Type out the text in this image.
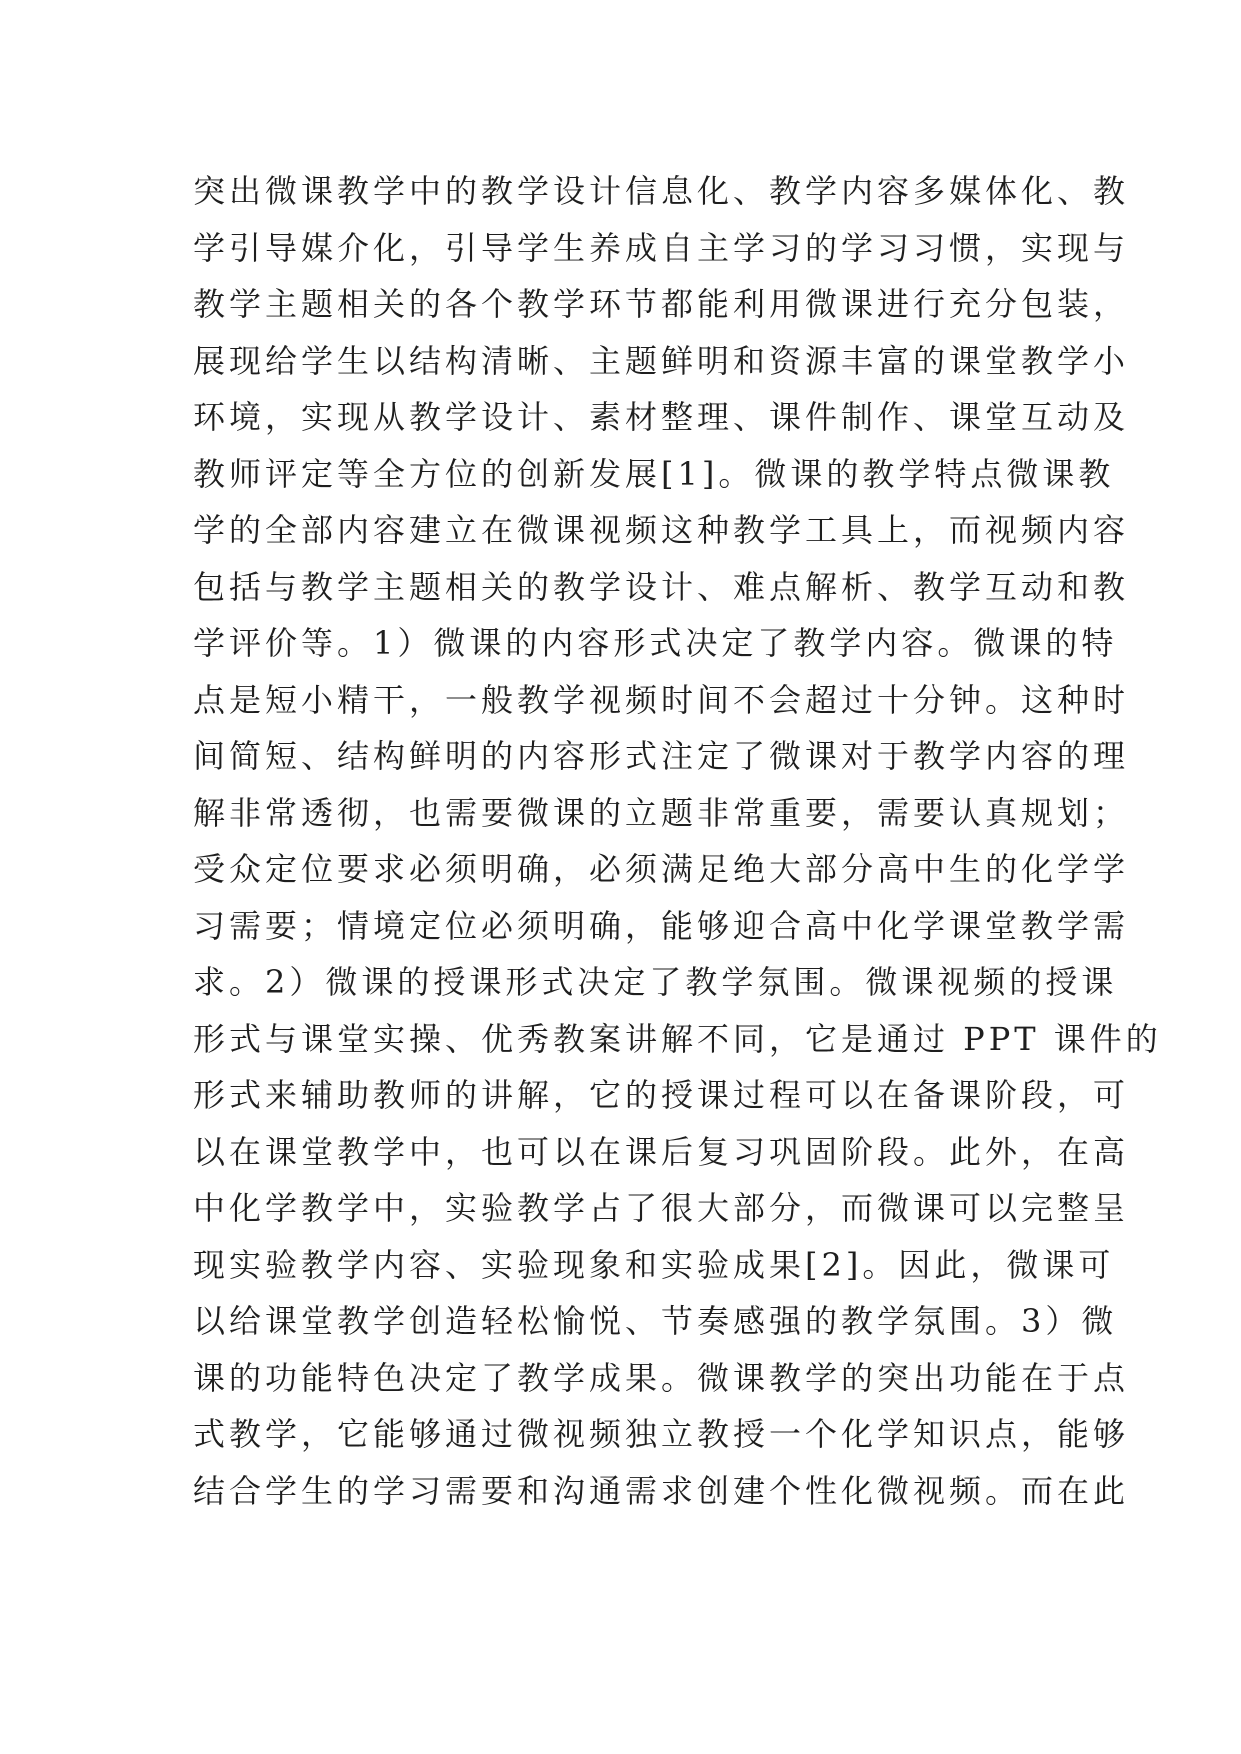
突出微课教学中的教学设计信息化、教学内容多媒体化、教
学引导媒介化，引导学生养成自主学习的学习习惯，实现与
教学主题相关的各个教学环节都能利用微课进行充分包装，
展现给学生以结构清晰、主题鲜明和资源丰富的课堂教学小
环境，实现从教学设计、素材整理、课件制作、课堂互动及
教师评定等全方位的创新发展[1]。微课的教学特点微课教
学的全部内容建立在微课视频这种教学工具上，而视频内容
包括与教学主题相关的教学设计、难点解析、教学互动和教
学评价等。1）微课的内容形式决定了教学内容。微课的特
点是短小精干，一般教学视频时间不会超过十分钟。这种时
间简短、结构鲜明的内容形式注定了微课对于教学内容的理
解非常透彻，也需要微课的立题非常重要，需要认真规划；
受众定位要求必须明确，必须满足绝大部分高中生的化学学
习需要；情境定位必须明确，能够迎合高中化学课堂教学需
求。2）微课的授课形式决定了教学氛围。微课视频的授课
形式与课堂实操、优秀教案讲解不同，它是通过 PPT 课件的
形式来辅助教师的讲解，它的授课过程可以在备课阶段，可
以在课堂教学中，也可以在课后复习巩固阶段。此外，在高
中化学教学中，实验教学占了很大部分，而微课可以完整呈
现实验教学内容、实验现象和实验成果[2]。因此，微课可
以给课堂教学创造轻松愉悦、节奏感强的教学氛围。3）微
课的功能特色决定了教学成果。微课教学的突出功能在于点
式教学，它能够通过微视频独立教授一个化学知识点，能够
结合学生的学习需要和沟通需求创建个性化微视频。而在此
